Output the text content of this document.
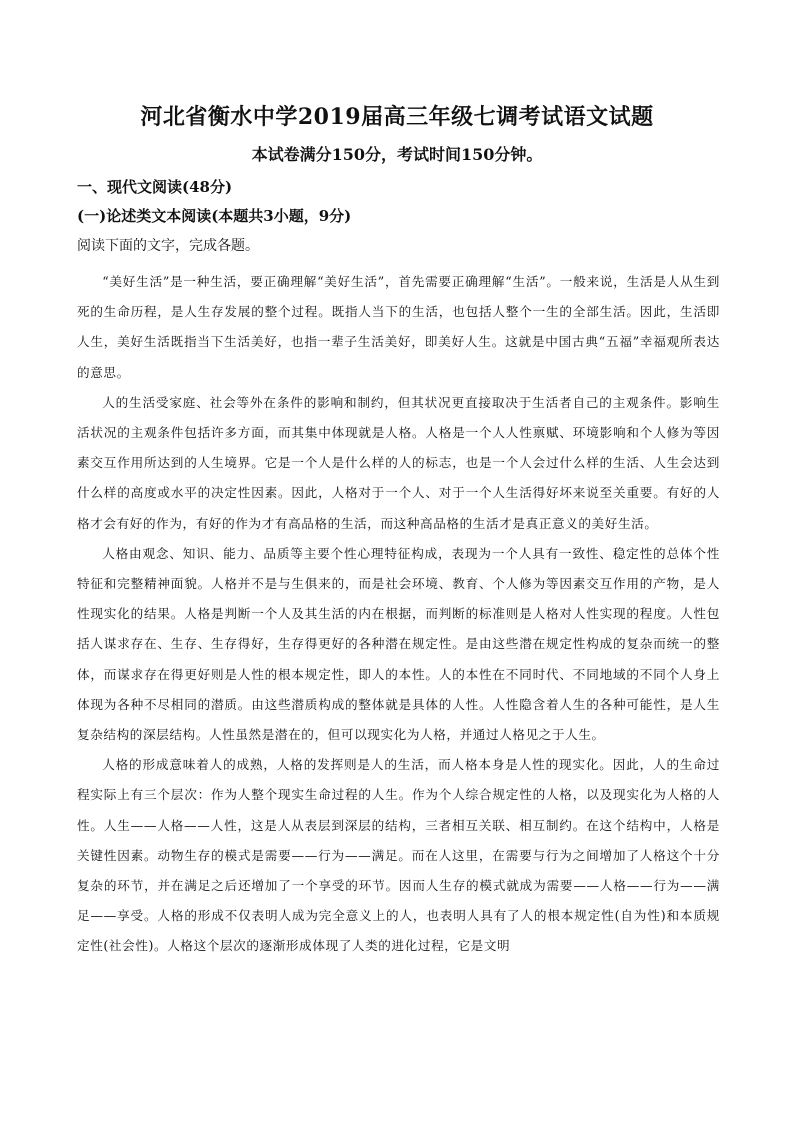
河北省衡水中学2019届高三年级七调考试语文试题
本试卷满分150分，考试时间150分钟。
一、现代文阅读(48分)
(一)论述类文本阅读(本题共3小题，9分)
阅读下面的文字，完成各题。

“美好生活”是一种生活，要正确理解“美好生活”，首先需要正确理解“生活”。一般来说，生活是人从生到死的生命历程，是人生存发展的整个过程。既指人当下的生活，也包括人整个一生的全部生活。因此，生活即人生，美好生活既指当下生活美好，也指一辈子生活美好，即美好人生。这就是中国古典“五福”幸福观所表达的意思。

人的生活受家庭、社会等外在条件的影响和制约，但其状况更直接取决于生活者自己的主观条件。影响生活状况的主观条件包括许多方面，而其集中体现就是人格。人格是一个人人性禀赋、环境影响和个人修为等因素交互作用所达到的人生境界。它是一个人是什么样的人的标志，也是一个人会过什么样的生活、人生会达到什么样的高度或水平的决定性因素。因此，人格对于一个人、对于一个人生活得好坏来说至关重要。有好的人格才会有好的作为，有好的作为才有高品格的生活，而这种高品格的生活才是真正意义的美好生活。

人格由观念、知识、能力、品质等主要个性心理特征构成，表现为一个人具有一致性、稳定性的总体个性特征和完整精神面貌。人格并不是与生俱来的，而是社会环境、教育、个人修为等因素交互作用的产物，是人性现实化的结果。人格是判断一个人及其生活的内在根据，而判断的标准则是人格对人性实现的程度。人性包括人谋求存在、生存、生存得好，生存得更好的各种潜在规定性。是由这些潜在规定性构成的复杂而统一的整体，而谋求存在得更好则是人性的根本规定性，即人的本性。人的本性在不同时代、不同地域的不同个人身上体现为各种不尽相同的潜质。由这些潜质构成的整体就是具体的人性。人性隐含着人生的各种可能性，是人生复杂结构的深层结构。人性虽然是潜在的，但可以现实化为人格，并通过人格见之于人生。

人格的形成意味着人的成熟，人格的发挥则是人的生活，而人格本身是人性的现实化。因此，人的生命过程实际上有三个层次：作为人整个现实生命过程的人生。作为个人综合规定性的人格，以及现实化为人格的人性。人生——人格——人性，这是人从表层到深层的结构，三者相互关联、相互制约。在这个结构中，人格是关键性因素。动物生存的模式是需要——行为——满足。而在人这里，在需要与行为之间增加了人格这个十分复杂的环节，并在满足之后还增加了一个享受的环节。因而人生存的模式就成为需要——人格——行为——满足——享受。人格的形成不仅表明人成为完全意义上的人，也表明人具有了人的根本规定性(自为性)和本质规定性(社会性)。人格这个层次的逐渐形成体现了人类的进化过程，它是文明
